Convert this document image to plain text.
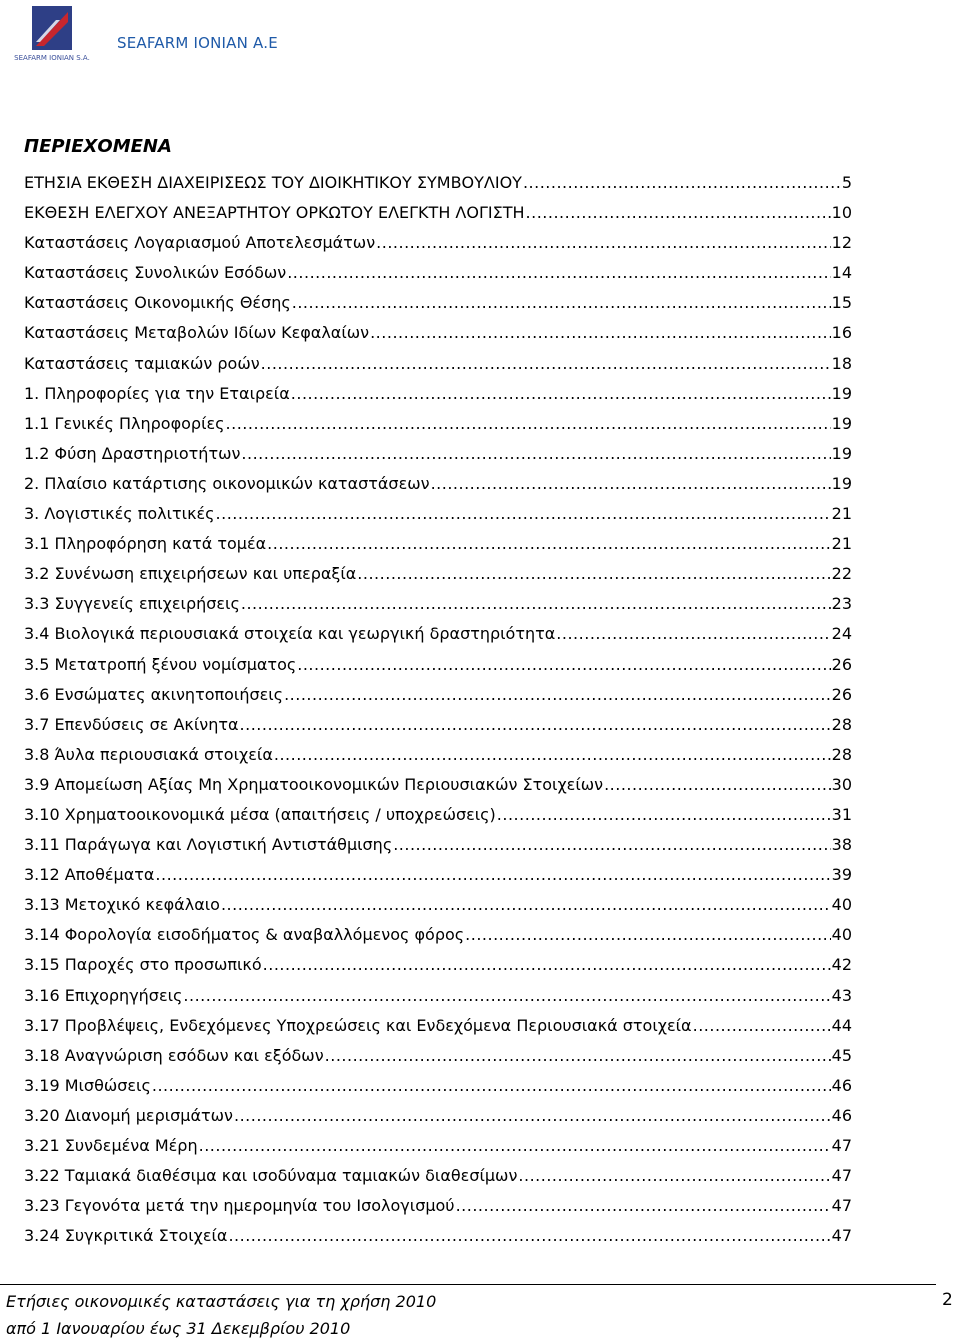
SEAFARM IONIAN S.A.
SEAFARM IONIAN A.E
ΠΕΡΙΕΧΟΜΕΝΑ
ΕΤΗΣΙΑ ΕΚΘΕΣΗ ΔΙΑΧΕΙΡΙΣΕΩΣ ΤΟΥ ΔΙΟΙΚΗΤΙΚΟΥ ΣΥΜΒΟΥΛΙΟΥ .....	5
ΕΚΘΕΣΗ ΕΛΕΓΧΟΥ ΑΝΕΞΑΡΤΗΤΟΥ ΟΡΚΩΤΟΥ ΕΛΕΓΚΤΗ ΛΟΓΙΣΤΗ .....	10
Καταστάσεις Λογαριασμού Αποτελεσμάτων .....	12
Καταστάσεις Συνολικών Εσόδων .....	14
Καταστάσεις Οικονομικής Θέσης .....	15
Καταστάσεις Μεταβολών Ιδίων Κεφαλαίων .....	16
Καταστάσεις ταμιακών ροών .....	18
1. Πληροφορίες για την Εταιρεία .....	19
1.1 Γενικές Πληροφορίες .....	19
1.2 Φύση Δραστηριοτήτων .....	19
2. Πλαίσιο κατάρτισης οικονομικών καταστάσεων .....	19
3. Λογιστικές πολιτικές .....	21
3.1 Πληροφόρηση κατά τομέα .....	21
3.2 Συνένωση επιχειρήσεων και υπεραξία .....	22
3.3 Συγγενείς επιχειρήσεις .....	23
3.4 Βιολογικά περιουσιακά στοιχεία και γεωργική δραστηριότητα .....	24
3.5 Μετατροπή ξένου νομίσματος .....	26
3.6 Ενσώματες ακινητοποιήσεις .....	26
3.7 Επενδύσεις σε Ακίνητα .....	28
3.8 Άυλα περιουσιακά στοιχεία .....	28
3.9 Απομείωση Αξίας Μη Χρηματοοικονομικών Περιουσιακών Στοιχείων .....	30
3.10 Χρηματοοικονομικά μέσα (απαιτήσεις / υποχρεώσεις) .....	31
3.11 Παράγωγα και Λογιστική Αντιστάθμισης .....	38
3.12 Αποθέματα .....	39
3.13 Μετοχικό κεφάλαιο .....	40
3.14 Φορολογία εισοδήματος & αναβαλλόμενος φόρος .....	40
3.15 Παροχές στο προσωπικό .....	42
3.16 Επιχορηγήσεις .....	43
3.17 Προβλέψεις, Ενδεχόμενες Υποχρεώσεις και Ενδεχόμενα Περιουσιακά στοιχεία .....	44
3.18 Αναγνώριση εσόδων και εξόδων .....	45
3.19 Μισθώσεις .....	46
3.20 Διανομή μερισμάτων .....	46
3.21 Συνδεμένα Μέρη .....	47
3.22 Ταμιακά διαθέσιμα και ισοδύναμα ταμιακών διαθεσίμων .....	47
3.23 Γεγονότα μετά την ημερομηνία του Ισολογισμού .....	47
3.24 Συγκριτικά Στοιχεία .....	47
Ετήσιες οικονομικές καταστάσεις για τη χρήση 2010
από 1 Ιανουαρίου έως 31 Δεκεμβρίου 2010
2
